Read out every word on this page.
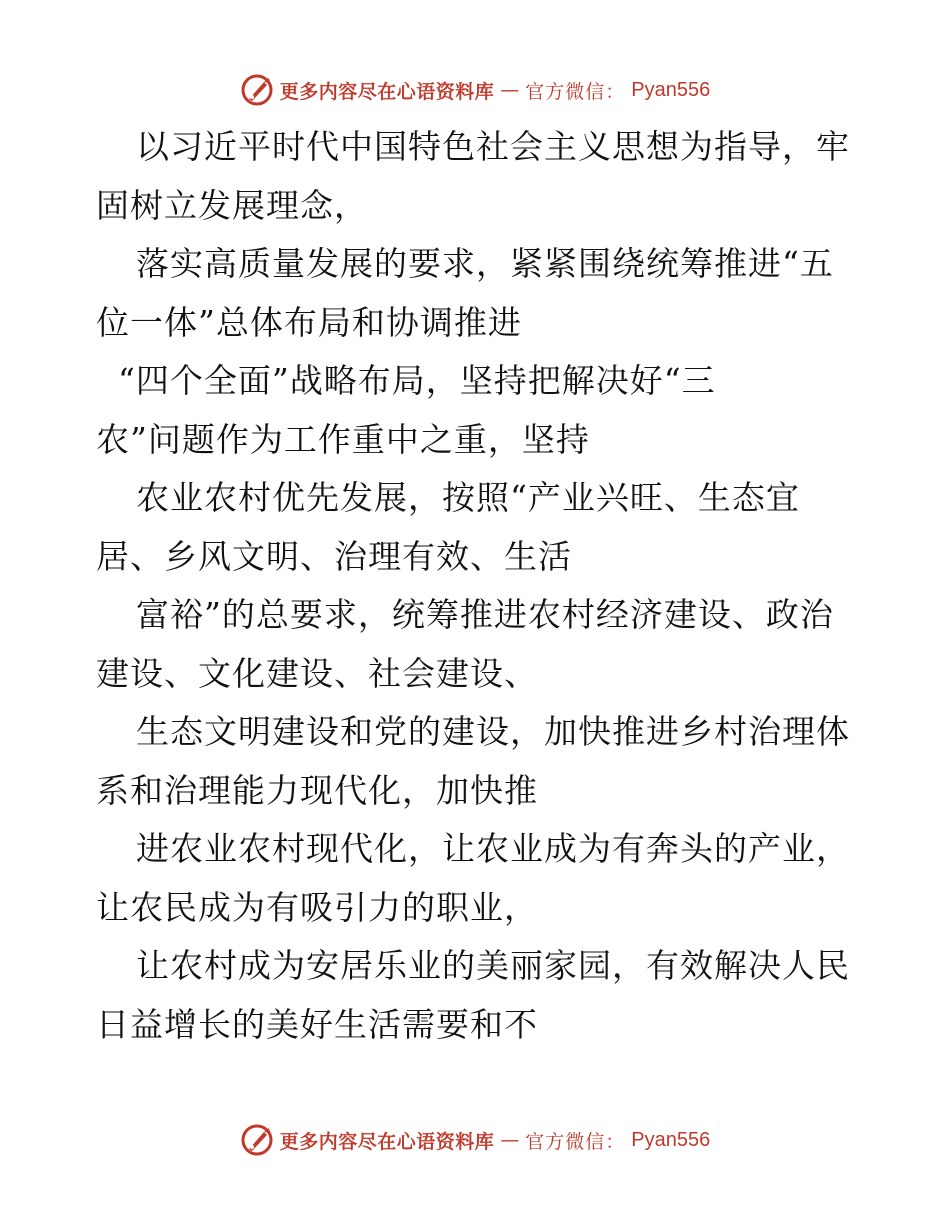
更多内容尽在心语资料库 — 官方微信： Pyan556
以习近平时代中国特色社会主义思想为指导，牢
固树立发展理念，
落实高质量发展的要求，紧紧围绕统筹推进“五
位一体”总体布局和协调推进
“四个全面”战略布局，坚持把解决好“三
农”问题作为工作重中之重，坚持
农业农村优先发展，按照“产业兴旺、生态宜
居、乡风文明、治理有效、生活
富裕”的总要求，统筹推进农村经济建设、政治
建设、文化建设、社会建设、
生态文明建设和党的建设，加快推进乡村治理体
系和治理能力现代化，加快推
进农业农村现代化，让农业成为有奔头的产业，
让农民成为有吸引力的职业，
让农村成为安居乐业的美丽家园，有效解决人民
日益增长的美好生活需要和不
更多内容尽在心语资料库 — 官方微信： Pyan556
